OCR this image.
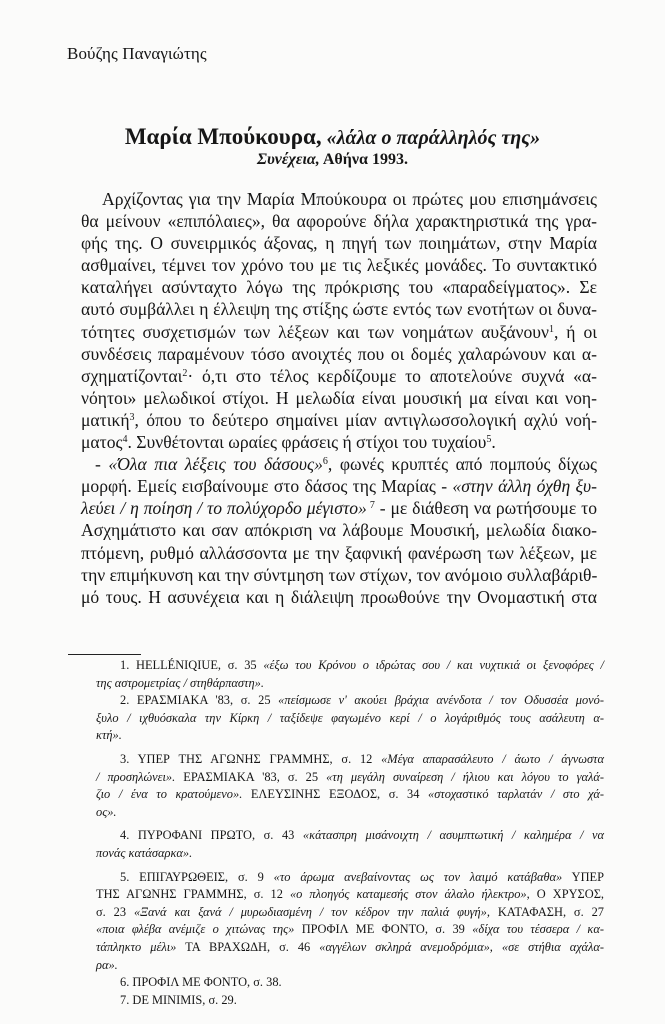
Βούζης Παναγιώτης
Μαρία Μπούκουρα, «λάλα ο παράλληλός της»
Συνέχεια, Αθήνα 1993.
Αρχίζοντας για την Μαρία Μπούκουρα οι πρώτες μου επισημάνσεις
θα μείνουν «επιπόλαιες», θα αφορούνε δήλα χαρακτηριστικά της γρα-
φής της. Ο συνειρμικός άξονας, η πηγή των ποιημάτων, στην Μαρία
ασθμαίνει, τέμνει τον χρόνο του με τις λεξικές μονάδες. Το συντακτικό
καταλήγει ασύνταχτο λόγω της πρόκρισης του «παραδείγματος». Σε
αυτό συμβάλλει η έλλειψη της στίξης ώστε εντός των ενοτήτων οι δυνα-
τότητες συσχετισμών των λέξεων και των νοημάτων αυξάνουν$^1$, ή οι
συνδέσεις παραμένουν τόσο ανοιχτές που οι δομές χαλαρώνουν και α-
σχηματίζονται$^2$· ό,τι στο τέλος κερδίζουμε το αποτελούνε συχνά «α-
νόητοι» μελωδικοί στίχοι. Η μελωδία είναι μουσική μα είναι και νοη-
ματική$^3$, όπου το δεύτερο σημαίνει μίαν αντιγλωσσολογική αχλύ νοή-
ματος$^4$. Συνθέτονται ωραίες φράσεις ή στίχοι του τυχαίου$^5$.
- «Όλα πια λέξεις του δάσους»$^6$, φωνές κρυπτές από πομπούς δίχως
μορφή. Εμείς εισβαίνουμε στο δάσος της Μαρίας - «στην άλλη όχθη ξυ-
λεύει / η ποίηση / το πολύχορδο μέγιστο» $^7$ - με διάθεση να ρωτήσουμε το
Ασχημάτιστο και σαν απόκριση να λάβουμε Μουσική, μελωδία διακο-
πτόμενη, ρυθμό αλλάσσοντα με την ξαφνική φανέρωση των λέξεων, με
την επιμήκυνση και την σύντμηση των στίχων, τον ανόμοιο συλλαβάριθ-
μό τους. Η ασυνέχεια και η διάλειψη προωθούνε την Ονομαστική στα
1. HELLÉNIQIUE, σ. 35 «έξω του Κρόνου ο ιδρώτας σου / και νυχτικιά οι ξενοφόρες /
της αστρομετρίας / στηθάρπαστη».
2. ΕΡΑΣΜΙΑΚΑ '83, σ. 25 «πείσμωσε ν' ακούει βράχια ανένδοτα / τον Οδυσσέα μονό-
ξυλο / ιχθυόσκαλα την Κίρκη / ταξίδεψε φαγωμένο κερί / ο λογάριθμός τους ασάλευτη α-
κτή».
3. ΥΠΕΡ ΤΗΣ ΑΓΩΝΗΣ ΓΡΑΜΜΗΣ, σ. 12 «Μέγα απαρασάλευτο / άωτο / άγνωστα
/ προσηλώνει». ΕΡΑΣΜΙΑΚΑ '83, σ. 25 «τη μεγάλη συναίρεση / ήλιου και λόγου το γαλά-
ζιο / ένα το κρατούμενο». ΕΛΕΥΣΙΝΗΣ ΕΞΟΔΟΣ, σ. 34 «στοχαστικό ταρλατάν / στο χά-
ος».
4. ΠΥΡΟΦΑΝΙ ΠΡΩΤΟ, σ. 43 «κάτασπρη μισάνοιχτη / ασυμπτωτική / καλημέρα / να
πονάς κατάσαρκα».
5. ΕΠΙΓΑΥΡΩΘΕΙΣ, σ. 9 «το άρωμα ανεβαίνοντας ως τον λαιμό κατάβαθα» ΥΠΕΡ
ΤΗΣ ΑΓΩΝΗΣ ΓΡΑΜΜΗΣ, σ. 12 «ο πλοηγός καταμεσής στον άλαλο ήλεκτρο», Ο ΧΡΥΣΟΣ,
σ. 23 «Ξανά και ξανά / μυρωδιασμένη / τον κέδρον την παλιά φυγή», ΚΑΤΑΦΑΣΗ, σ. 27
«ποια φλέβα ανέμιζε ο χιτώνας της» ΠΡΟΦΙΛ ΜΕ ΦΟΝΤΟ, σ. 39 «δίχα του τέσσερα / κα-
τάπληκτο μέλι» ΤΑ ΒΡΑΧΩΔΗ, σ. 46 «αγγέλων σκληρά ανεμοδρόμια», «σε στήθια αχάλα-
ρα».
6. ΠΡΟΦΙΛ ΜΕ ΦΟΝΤΟ, σ. 38.
7. DE MINIMIS, σ. 29.
